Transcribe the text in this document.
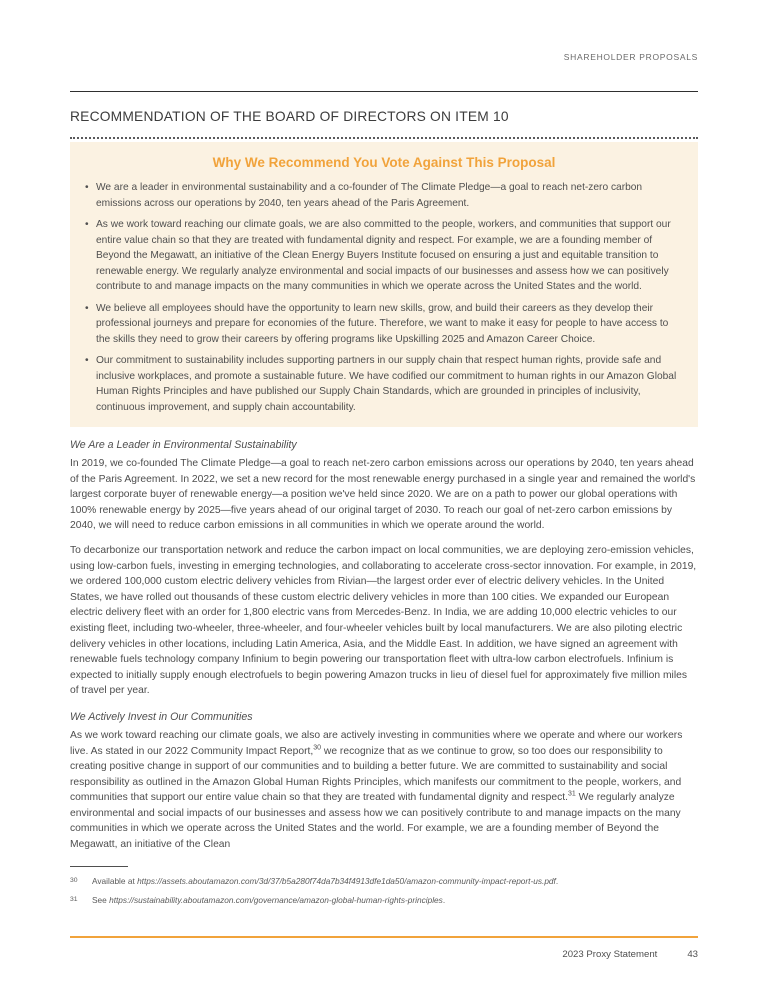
SHAREHOLDER PROPOSALS
RECOMMENDATION OF THE BOARD OF DIRECTORS ON ITEM 10
Why We Recommend You Vote Against This Proposal
• We are a leader in environmental sustainability and a co-founder of The Climate Pledge—a goal to reach net-zero carbon emissions across our operations by 2040, ten years ahead of the Paris Agreement.
• As we work toward reaching our climate goals, we are also committed to the people, workers, and communities that support our entire value chain so that they are treated with fundamental dignity and respect. For example, we are a founding member of Beyond the Megawatt, an initiative of the Clean Energy Buyers Institute focused on ensuring a just and equitable transition to renewable energy. We regularly analyze environmental and social impacts of our businesses and assess how we can positively contribute to and manage impacts on the many communities in which we operate across the United States and the world.
• We believe all employees should have the opportunity to learn new skills, grow, and build their careers as they develop their professional journeys and prepare for economies of the future. Therefore, we want to make it easy for people to have access to the skills they need to grow their careers by offering programs like Upskilling 2025 and Amazon Career Choice.
• Our commitment to sustainability includes supporting partners in our supply chain that respect human rights, provide safe and inclusive workplaces, and promote a sustainable future. We have codified our commitment to human rights in our Amazon Global Human Rights Principles and have published our Supply Chain Standards, which are grounded in principles of inclusivity, continuous improvement, and supply chain accountability.
We Are a Leader in Environmental Sustainability

In 2019, we co-founded The Climate Pledge—a goal to reach net-zero carbon emissions across our operations by 2040, ten years ahead of the Paris Agreement. In 2022, we set a new record for the most renewable energy purchased in a single year and remained the world's largest corporate buyer of renewable energy—a position we've held since 2020. We are on a path to power our global operations with 100% renewable energy by 2025—five years ahead of our original target of 2030. To reach our goal of net-zero carbon emissions by 2040, we will need to reduce carbon emissions in all communities in which we operate around the world.

To decarbonize our transportation network and reduce the carbon impact on local communities, we are deploying zero-emission vehicles, using low-carbon fuels, investing in emerging technologies, and collaborating to accelerate cross-sector innovation. For example, in 2019, we ordered 100,000 custom electric delivery vehicles from Rivian—the largest order ever of electric delivery vehicles. In the United States, we have rolled out thousands of these custom electric delivery vehicles in more than 100 cities. We expanded our European electric delivery fleet with an order for 1,800 electric vans from Mercedes-Benz. In India, we are adding 10,000 electric vehicles to our existing fleet, including two-wheeler, three-wheeler, and four-wheeler vehicles built by local manufacturers. We are also piloting electric delivery vehicles in other locations, including Latin America, Asia, and the Middle East. In addition, we have signed an agreement with renewable fuels technology company Infinium to begin powering our transportation fleet with ultra-low carbon electrofuels. Infinium is expected to initially supply enough electrofuels to begin powering Amazon trucks in lieu of diesel fuel for approximately five million miles of travel per year.

We Actively Invest in Our Communities

As we work toward reaching our climate goals, we also are actively investing in communities where we operate and where our workers live. As stated in our 2022 Community Impact Report,$^{30}$ we recognize that as we continue to grow, so too does our responsibility to creating positive change in support of our communities and to building a better future. We are committed to sustainability and social responsibility as outlined in the Amazon Global Human Rights Principles, which manifests our commitment to the people, workers, and communities that support our entire value chain so that they are treated with fundamental dignity and respect.$^{31}$ We regularly analyze environmental and social impacts of our businesses and assess how we can positively contribute to and manage impacts on the many communities in which we operate across the United States and the world. For example, we are a founding member of Beyond the Megawatt, an initiative of the Clean

30 Available at https://assets.aboutamazon.com/3d/37/b5a280f74da7b34f4913dfe1da50/amazon-community-impact-report-us.pdf.
31 See https://sustainability.aboutamazon.com/governance/amazon-global-human-rights-principles.
2023 Proxy Statement	43
